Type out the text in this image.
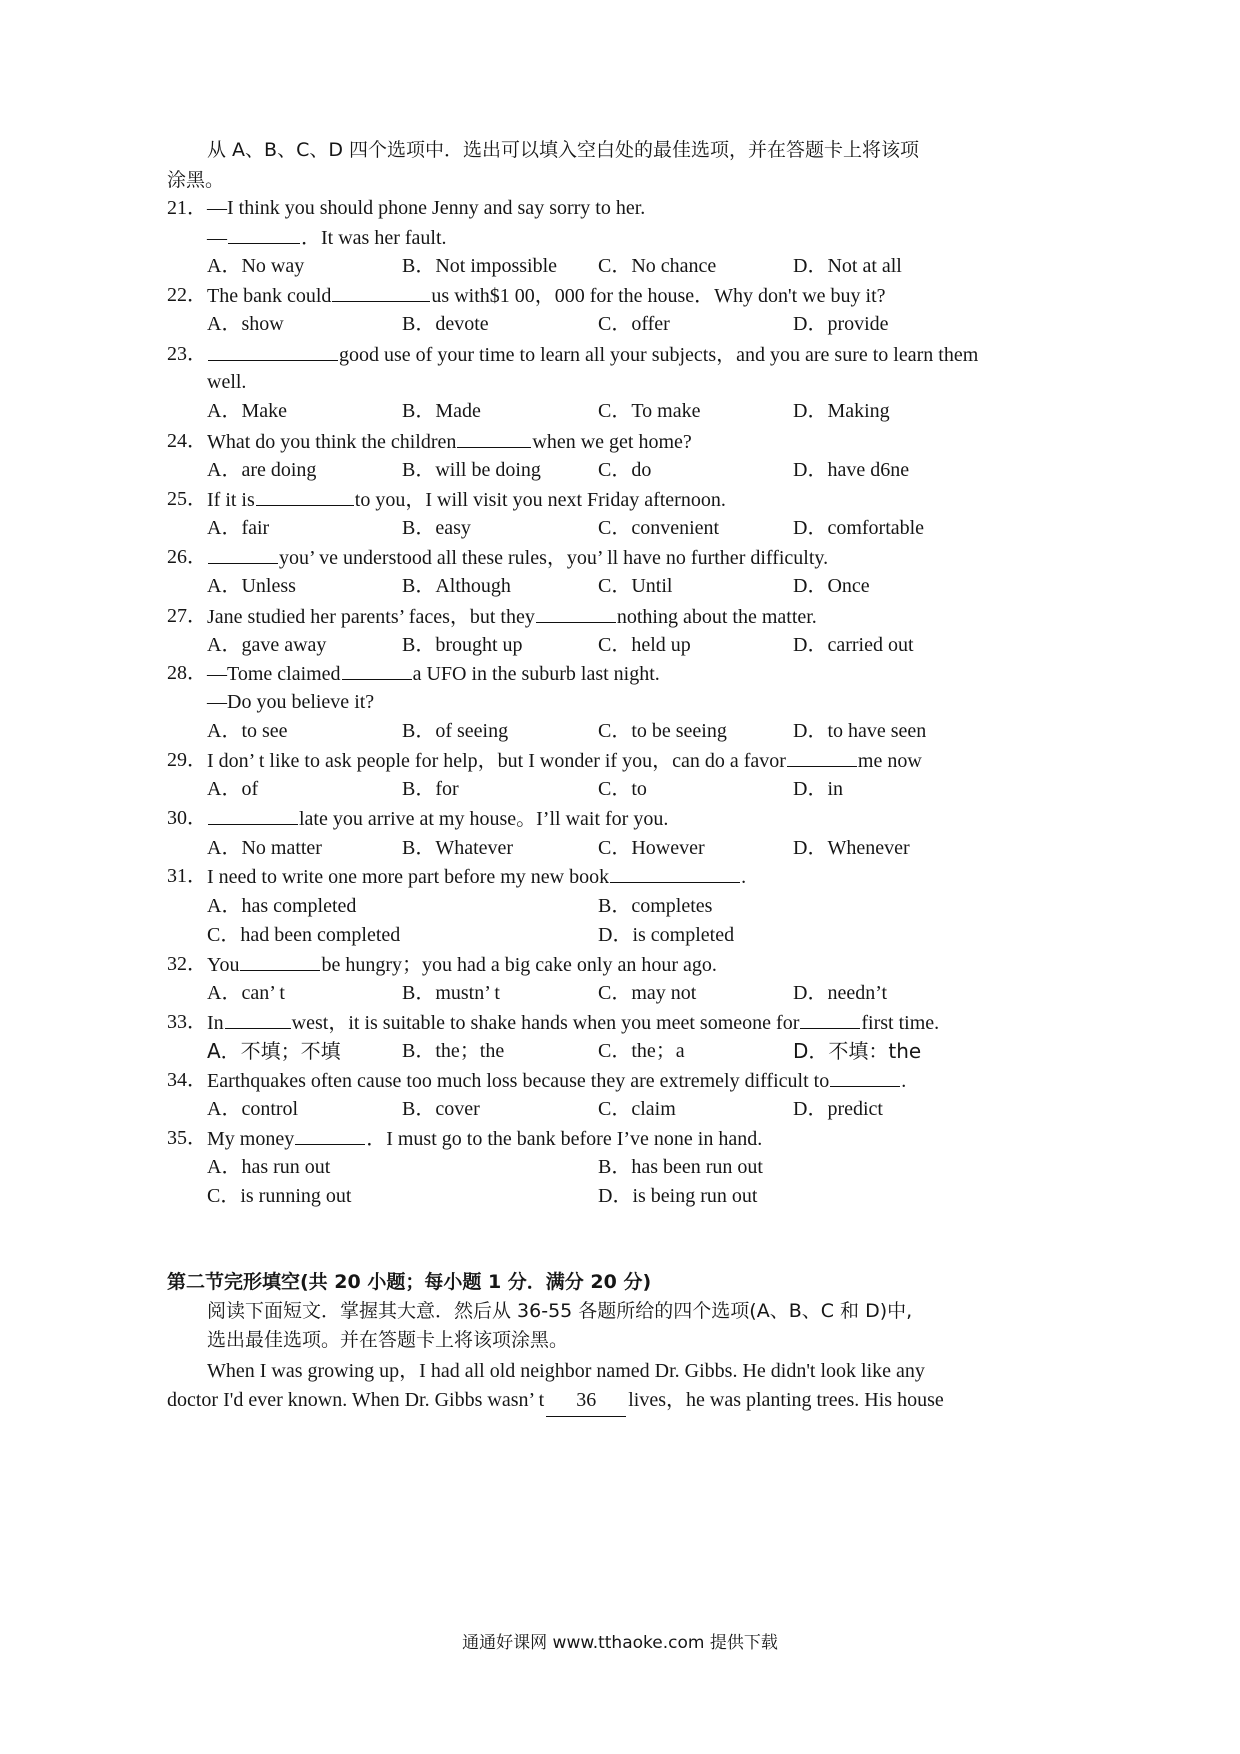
从 A、B、C、D 四个选项中．选出可以填入空白处的最佳选项，并在答题卡上将该项
涂黑。
21． —I think you should phone Jenny and say sorry to her.
—	．It was her fault.
A．No way	B．Not impossible C．No chance	D．Not at all
22． The bank could	us with$1 00，000 for the house．Why don't we buy it?
A．show	B．devote	C．offer	D．provide
23．	good use of your time to learn all your subjects，and you are sure to learn them
well.
A．Make	B．Made	C．To make	D．Making
24． What do you think the children	when we get home?
A．are doing	B．will be doing	C．do	D．have d6ne
25． If it is	to you，I will visit you next Friday afternoon.
A．fair	B．easy	C．convenient	D．comfortable
26．	you’ ve understood all these rules，you’ ll have no further difficulty.
A．Unless	B．Although	C．Until	D．Once
27． Jane studied her parents’ faces，but they	nothing about the matter.
A．gave away	B．brought up	C．held up	D．carried out
28． —Tome claimed	a UFO in the suburb last night.
—Do you believe it?
A．to see	B．of seeing	C．to be seeing	D．to have seen
29． I don’ t like to ask people for help，but I wonder if you，can do a favor	me now
A．of	B．for	C．to	D．in
30．	late you arrive at my house。I’ll wait for you.
A．No matter	B．Whatever	C．However	D．Whenever
31． I need to write one more part before my new book	.
A．has completed	B．completes
C．had been completed	D．is completed
32． You	be hungry；you had a big cake only an hour ago.
A．can’ t	B．mustn’ t	C．may not	D．needn’t
33． In	west，it is suitable to shake hands when you meet someone for	first time.
A．不填；不填	B．the；the	C．the；a	D．不填：the
34． Earthquakes often cause too much loss because they are extremely difficult to	.
A．control	B．cover	C．claim	D．predict
35． My money	．I must go to the bank before I’ve none in hand.
A．has run out	B．has been run out
C．is running out	D．is being run out
第二节完形填空(共 20 小题；每小题 1 分．满分 20 分)
阅读下面短文．掌握其大意．然后从 36-55 各题所给的四个选项(A、B、C 和 D)中,
选出最佳选项。并在答题卡上将该项涂黑。
When I was growing up，I had all old neighbor named Dr. Gibbs. He didn't look like any
doctor I'd ever known. When Dr. Gibbs wasn’ t 36 lives，he was planting trees. His house
通通好课网 www.tthaoke.com 提供下载
